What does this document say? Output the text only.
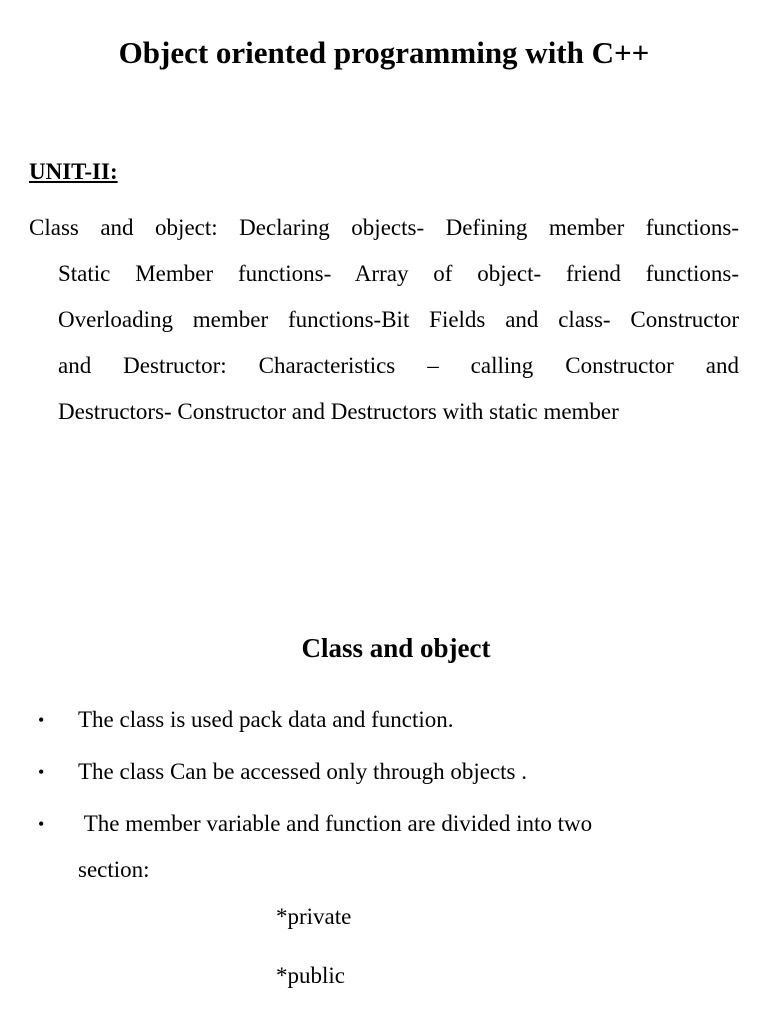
Object oriented programming with C++
UNIT-II:

Class and object: Declaring objects- Defining member functions-
Static Member functions- Array of object- friend functions-
Overloading member functions-Bit Fields and class- Constructor
and Destructor: Characteristics – calling Constructor and
Destructors- Constructor and Destructors with static member

Class and object
• The class is used pack data and function.
• The class Can be accessed only through objects .
• The member variable and function are divided into two section:

*private

*public
